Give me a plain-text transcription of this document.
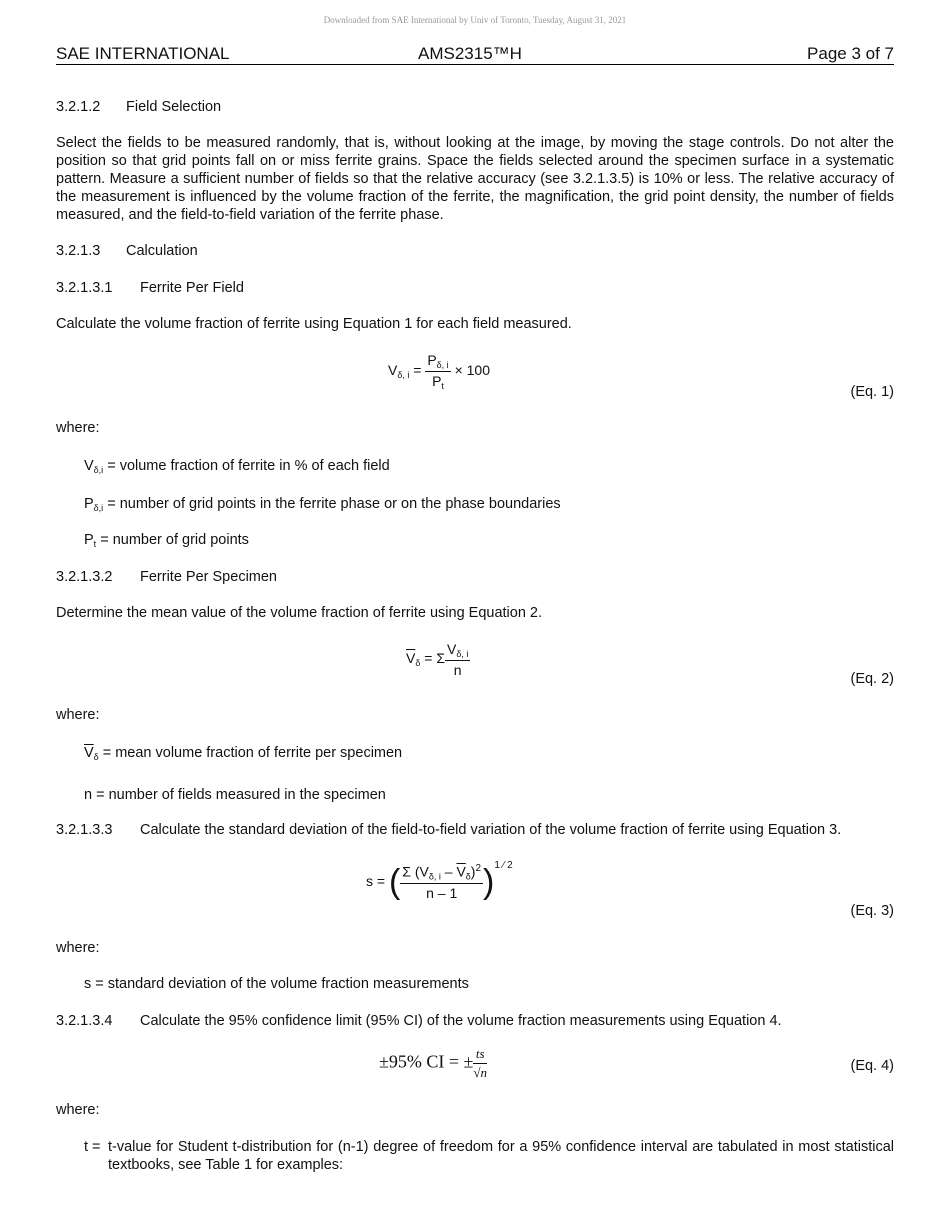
Downloaded from SAE International by Univ of Toronto, Tuesday, August 31, 2021
SAE INTERNATIONAL	AMS2315™H	Page 3 of 7
3.2.1.2 Field Selection
Select the fields to be measured randomly, that is, without looking at the image, by moving the stage controls. Do not alter the position so that grid points fall on or miss ferrite grains. Space the fields selected around the specimen surface in a systematic pattern. Measure a sufficient number of fields so that the relative accuracy (see 3.2.1.3.5) is 10% or less. The relative accuracy of the measurement is influenced by the volume fraction of the ferrite, the magnification, the grid point density, the number of fields measured, and the field-to-field variation of the ferrite phase.
3.2.1.3 Calculation
3.2.1.3.1 Ferrite Per Field
Calculate the volume fraction of ferrite using Equation 1 for each field measured.
$V_{\delta, i} = \frac{P_{\delta, i}}{P_t} \times 100$
(Eq. 1)
where:
$V_{\delta,i}$ = volume fraction of ferrite in % of each field
$P_{\delta,i}$ = number of grid points in the ferrite phase or on the phase boundaries
$P_t$ = number of grid points
3.2.1.3.2 Ferrite Per Specimen
Determine the mean value of the volume fraction of ferrite using Equation 2.
$\overline{V}_\delta = \Sigma \frac{V_{\delta, i}}{n}$
(Eq. 2)
where:
$\overline{V}_\delta$ = mean volume fraction of ferrite per specimen
n = number of fields measured in the specimen
3.2.1.3.3 Calculate the standard deviation of the field-to-field variation of the volume fraction of ferrite using Equation 3.
s = ( $\frac{\Sigma (V_{\delta, i} - \overline{V}_\delta)^2}{n - 1} )^{1 ⁄ 2}$
(Eq. 3)
where:
s = standard deviation of the volume fraction measurements
3.2.1.3.4 Calculate the 95% confidence limit (95% CI) of the volume fraction measurements using Equation 4.
±95% CI = ± $\frac{ts}{√n}$	(Eq. 4)
where:
t = t-value for Student t-distribution for (n-1) degree of freedom for a 95% confidence interval are tabulated in most statistical textbooks, see Table 1 for examples:
